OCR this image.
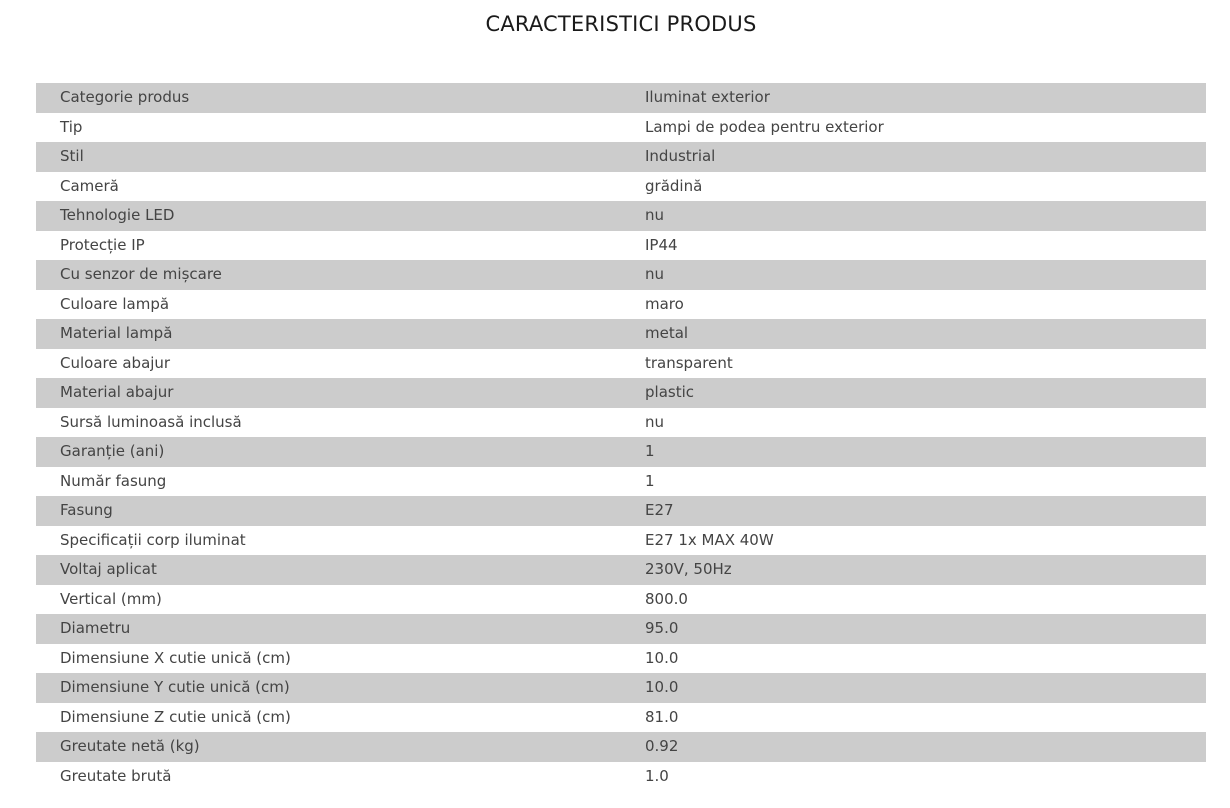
CARACTERISTICI PRODUS
Categorie produs	Iluminat exterior
Tip	Lampi de podea pentru exterior
Stil	Industrial
Cameră	grădină
Tehnologie LED	nu
Protecție IP	IP44
Cu senzor de mișcare	nu
Culoare lampă	maro
Material lampă	metal
Culoare abajur	transparent
Material abajur	plastic
Sursă luminoasă inclusă	nu
Garanție (ani)	1
Număr fasung	1
Fasung	E27
Specificații corp iluminat	E27 1x MAX 40W
Voltaj aplicat	230V, 50Hz
Vertical (mm)	800.0
Diametru	95.0
Dimensiune X cutie unică (cm)	10.0
Dimensiune Y cutie unică (cm)	10.0
Dimensiune Z cutie unică (cm)	81.0
Greutate netă (kg)	0.92
Greutate brută	1.0
